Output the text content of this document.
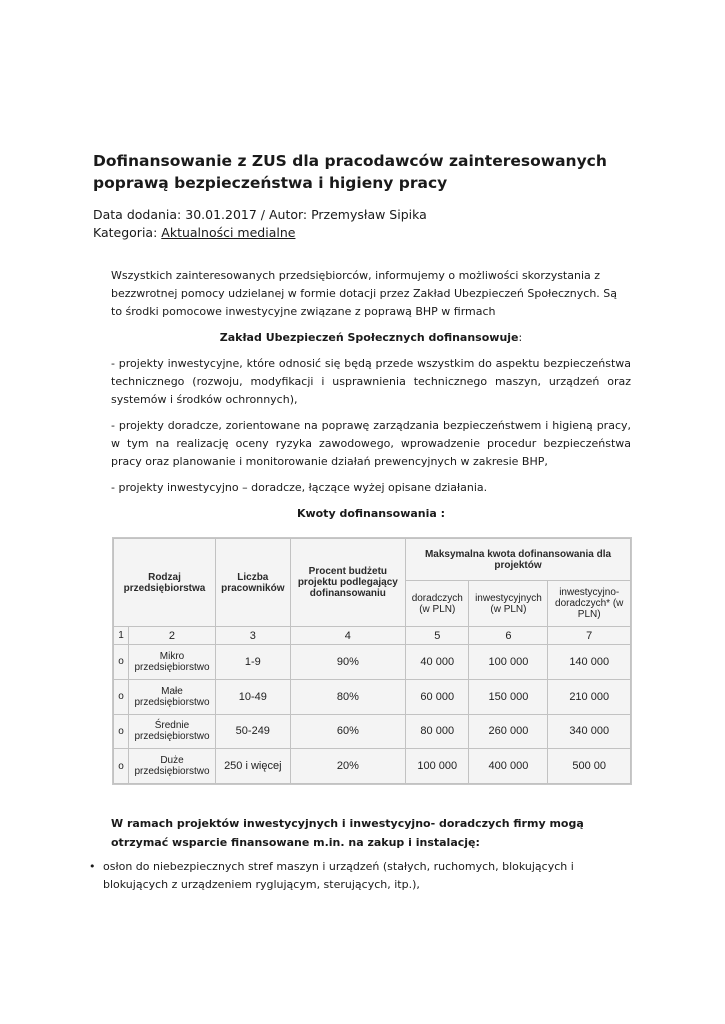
Dofinansowanie z ZUS dla pracodawców zainteresowanych poprawą bezpieczeństwa i higieny pracy
Data dodania: 30.01.2017 / Autor: Przemysław Sipika
Kategoria: Aktualności medialne

Wszystkich zainteresowanych przedsiębiorców, informujemy o możliwości skorzystania z bezzwrotnej pomocy udzielanej w formie dotacji przez Zakład Ubezpieczeń Społecznych. Są to środki pomocowe inwestycyjne związane z poprawą BHP w firmach

Zakład Ubezpieczeń Społecznych dofinansowuje:

- projekty inwestycyjne, które odnosić się będą przede wszystkim do aspektu bezpieczeństwa technicznego (rozwoju, modyfikacji i usprawnienia technicznego maszyn, urządzeń oraz systemów i środków ochronnych),

- projekty doradcze, zorientowane na poprawę zarządzania bezpieczeństwem i higieną pracy, w tym na realizację oceny ryzyka zawodowego, wprowadzenie procedur bezpieczeństwa pracy oraz planowanie i monitorowanie działań prewencyjnych w zakresie BHP,

- projekty inwestycyjno – doradcze, łączące wyżej opisane działania.

Kwoty dofinansowania :

Rodzaj przedsiębiorstwa		Liczba pracowników	Procent budżetu projektu podlegający dofinansowaniu	Maksymalna kwota dofinansowania dla projektów		
				doradczych (w PLN)	inwestycyjnych (w PLN)	inwestycyjno-doradczych* (w PLN)
1	2	3	4	5	6	7
o	Mikro przedsiębiorstwo	1-9	90%	40 000	100 000	140 000
o	Małe przedsiębiorstwo	10-49	80%	60 000	150 000	210 000
o	Średnie przedsiębiorstwo	50-249	60%	80 000	260 000	340 000
o	Duże przedsiębiorstwo	250 i więcej	20%	100 000	400 000	500 00

W ramach projektów inwestycyjnych i inwestycyjno- doradczych firmy mogą otrzymać wsparcie finansowane m.in. na zakup i instalację:

• osłon do niebezpiecznych stref maszyn i urządzeń (stałych, ruchomych, blokujących i blokujących z urządzeniem ryglującym, sterujących, itp.),
